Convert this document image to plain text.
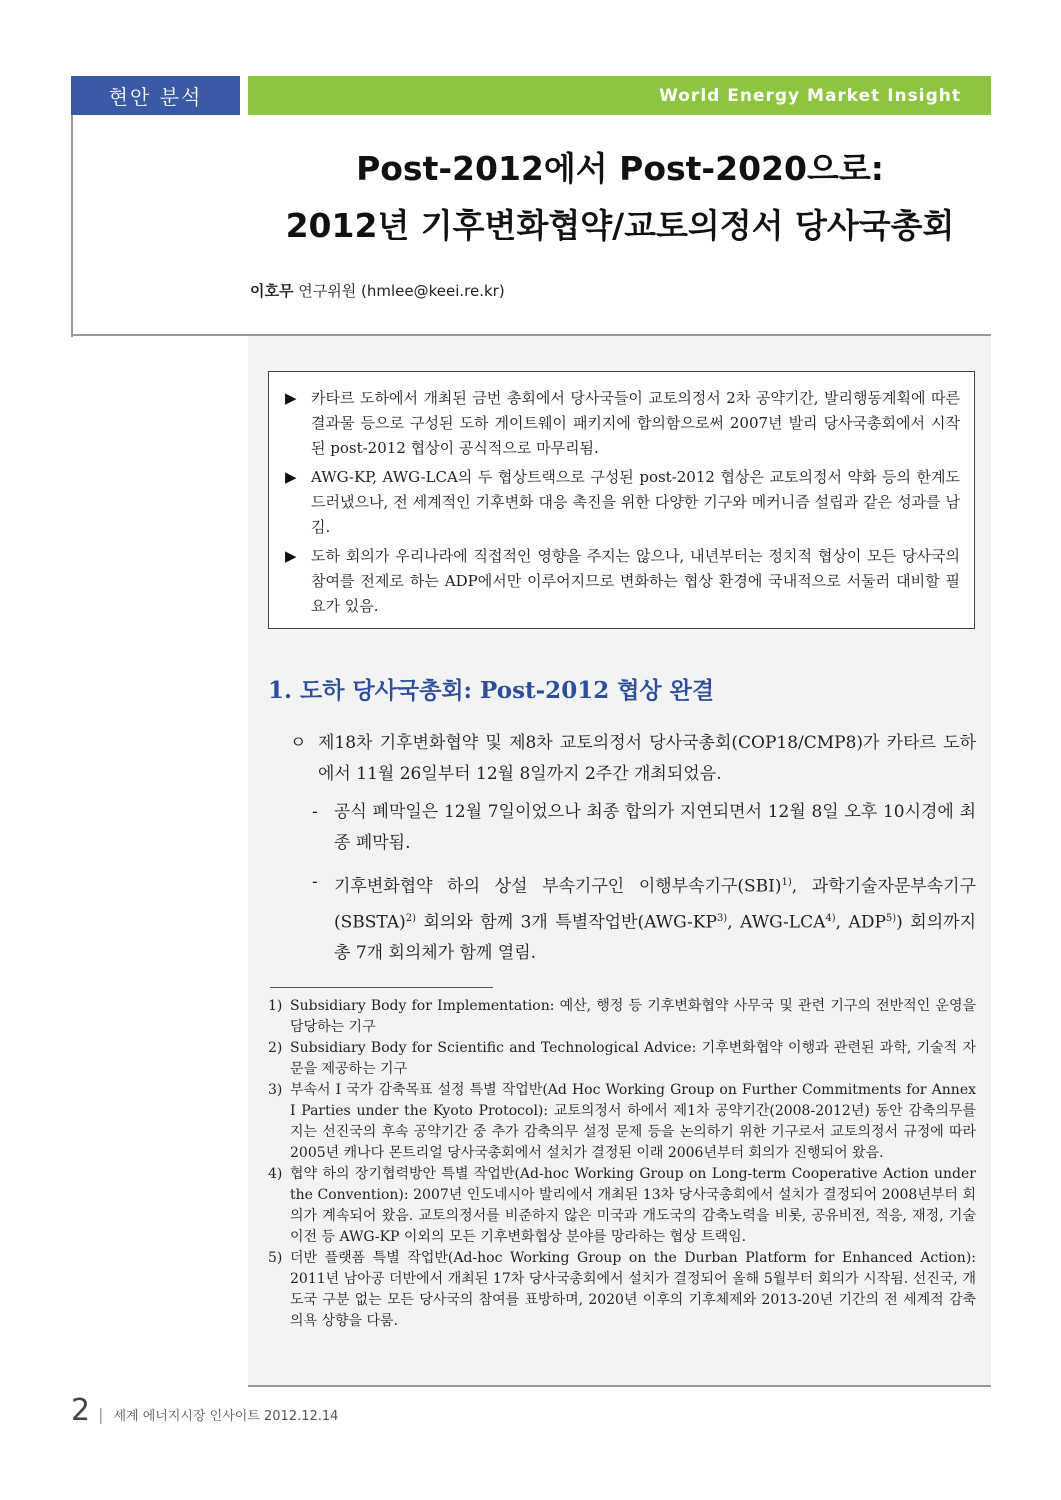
현안 분석	World Energy Market Insight
Post-2012에서 Post-2020으로:
2012년 기후변화협약/교토의정서 당사국총회
이호무 연구위원 (hmlee@keei.re.kr)
▶ 카타르 도하에서 개최된 금번 총회에서 당사국들이 교토의정서 2차 공약기간, 발리행동계획에 따른 결과물 등으로 구성된 도하 게이트웨이 패키지에 합의함으로써 2007년 발리 당사국총회에서 시작된 post-2012 협상이 공식적으로 마무리됨.
▶ AWG-KP, AWG-LCA의 두 협상트랙으로 구성된 post-2012 협상은 교토의정서 약화 등의 한계도 드러냈으나, 전 세계적인 기후변화 대응 촉진을 위한 다양한 기구와 메커니즘 설립과 같은 성과를 남김.
▶ 도하 회의가 우리나라에 직접적인 영향을 주지는 않으나, 내년부터는 정치적 협상이 모든 당사국의 참여를 전제로 하는 ADP에서만 이루어지므로 변화하는 협상 환경에 국내적으로 서둘러 대비할 필요가 있음.
1. 도하 당사국총회: Post-2012 협상 완결
ㅇ 제18차 기후변화협약 및 제8차 교토의정서 당사국총회(COP18/CMP8)가 카타르 도하에서 11월 26일부터 12월 8일까지 2주간 개최되었음.
- 공식 폐막일은 12월 7일이었으나 최종 합의가 지연되면서 12월 8일 오후 10시경에 최종 폐막됨.
- 기후변화협약 하의 상설 부속기구인 이행부속기구(SBI)$^{1)}$, 과학기술자문부속기구(SBSTA)$^{2)}$ 회의와 함께 3개 특별작업반(AWG-KP$^{3)}$, AWG-LCA$^{4)}$, ADP$^{5)}$) 회의까지 총 7개 회의체가 함께 열림.
1) Subsidiary Body for Implementation: 예산, 행정 등 기후변화협약 사무국 및 관련 기구의 전반적인 운영을 담당하는 기구
2) Subsidiary Body for Scientific and Technological Advice: 기후변화협약 이행과 관련된 과학, 기술적 자문을 제공하는 기구
3) 부속서 I 국가 감축목표 설정 특별 작업반(Ad Hoc Working Group on Further Commitments for Annex I Parties under the Kyoto Protocol): 교토의정서 하에서 제1차 공약기간(2008-2012년) 동안 감축의무를 지는 선진국의 후속 공약기간 중 추가 감축의무 설정 문제 등을 논의하기 위한 기구로서 교토의정서 규정에 따라 2005년 캐나다 몬트리얼 당사국총회에서 설치가 결정된 이래 2006년부터 회의가 진행되어 왔음.
4) 협약 하의 장기협력방안 특별 작업반(Ad-hoc Working Group on Long-term Cooperative Action under the Convention): 2007년 인도네시아 발리에서 개최된 13차 당사국총회에서 설치가 결정되어 2008년부터 회의가 계속되어 왔음. 교토의정서를 비준하지 않은 미국과 개도국의 감축노력을 비롯, 공유비전, 적응, 재정, 기술이전 등 AWG-KP 이외의 모든 기후변화협상 분야를 망라하는 협상 트랙임.
5) 더반 플랫폼 특별 작업반(Ad-hoc Working Group on the Durban Platform for Enhanced Action): 2011년 남아공 더반에서 개최된 17차 당사국총회에서 설치가 결정되어 올해 5월부터 회의가 시작됨. 선진국, 개도국 구분 없는 모든 당사국의 참여를 표방하며, 2020년 이후의 기후체제와 2013-20년 기간의 전 세계적 감축의욕 상향을 다룸.
2 | 세계 에너지시장 인사이트 2012.12.14
